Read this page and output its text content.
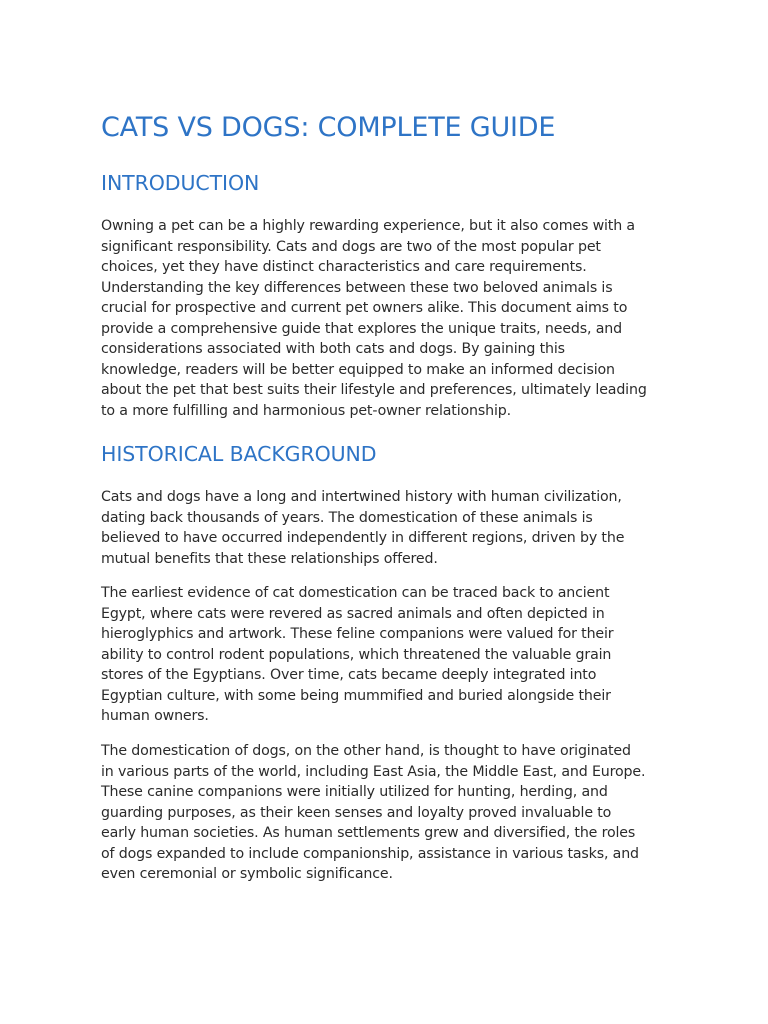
CATS VS DOGS: COMPLETE GUIDE
INTRODUCTION

Owning a pet can be a highly rewarding experience, but it also comes with a
significant responsibility. Cats and dogs are two of the most popular pet
choices, yet they have distinct characteristics and care requirements.
Understanding the key differences between these two beloved animals is
crucial for prospective and current pet owners alike. This document aims to
provide a comprehensive guide that explores the unique traits, needs, and
considerations associated with both cats and dogs. By gaining this
knowledge, readers will be better equipped to make an informed decision
about the pet that best suits their lifestyle and preferences, ultimately leading
to a more fulfilling and harmonious pet-owner relationship.

HISTORICAL BACKGROUND

Cats and dogs have a long and intertwined history with human civilization,
dating back thousands of years. The domestication of these animals is
believed to have occurred independently in different regions, driven by the
mutual benefits that these relationships offered.

The earliest evidence of cat domestication can be traced back to ancient
Egypt, where cats were revered as sacred animals and often depicted in
hieroglyphics and artwork. These feline companions were valued for their
ability to control rodent populations, which threatened the valuable grain
stores of the Egyptians. Over time, cats became deeply integrated into
Egyptian culture, with some being mummified and buried alongside their
human owners.

The domestication of dogs, on the other hand, is thought to have originated
in various parts of the world, including East Asia, the Middle East, and Europe.
These canine companions were initially utilized for hunting, herding, and
guarding purposes, as their keen senses and loyalty proved invaluable to
early human societies. As human settlements grew and diversified, the roles
of dogs expanded to include companionship, assistance in various tasks, and
even ceremonial or symbolic significance.
